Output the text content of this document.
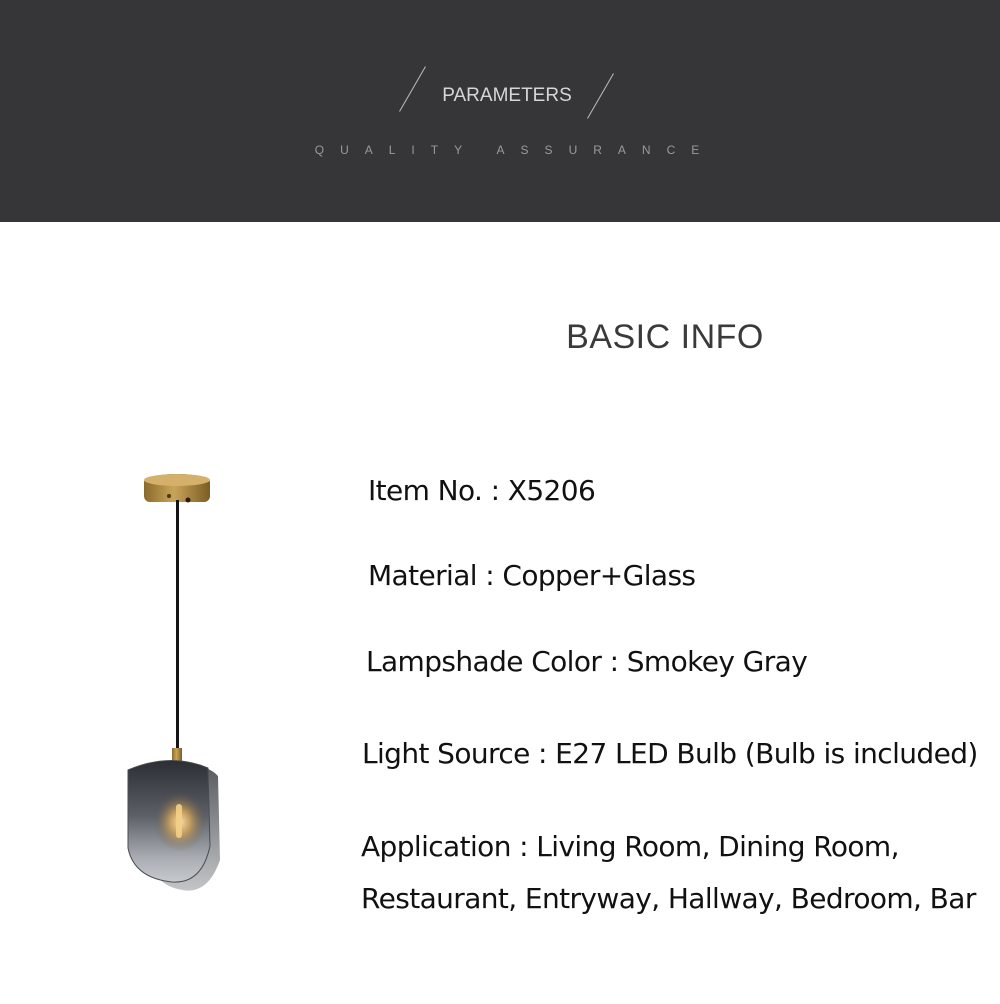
PARAMETERS
QUALITY ASSURANCE
BASIC INFO
Item No. : X5206
Material : Copper+Glass
Lampshade Color : Smokey Gray
Light Source : E27 LED Bulb (Bulb is included)
Application : Living Room, Dining Room,
Restaurant, Entryway, Hallway, Bedroom, Bar
